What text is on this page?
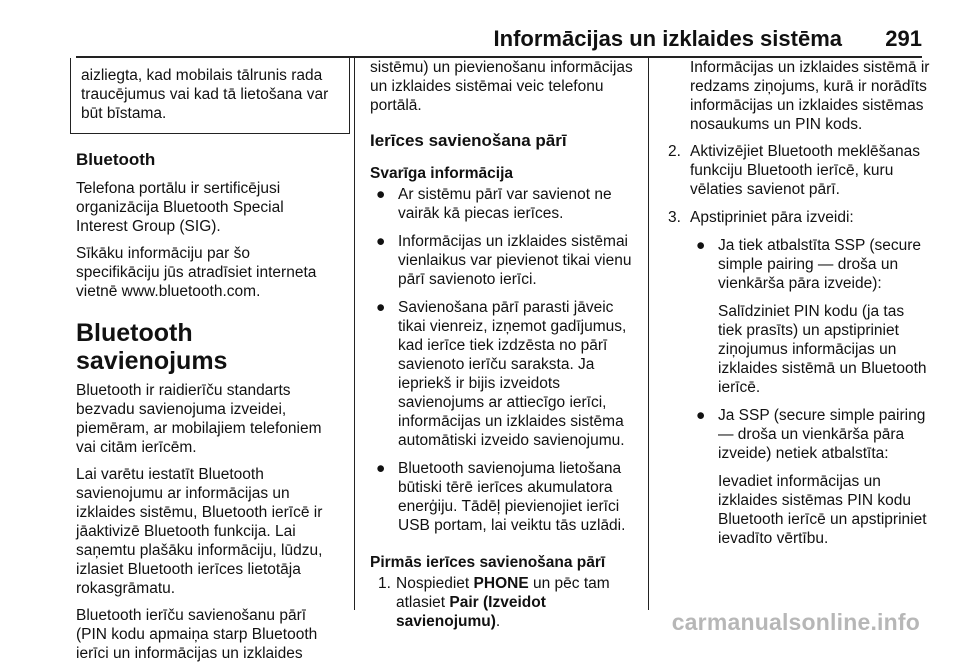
Informācijas un izklaides sistēma 291
aizliegta, kad mobilais tālrunis rada traucējumus vai kad tā lietošana var būt bīstama.
Bluetooth

Telefona portālu ir sertificējusi organizācija Bluetooth Special Interest Group (SIG).

Sīkāku informāciju par šo specifikāciju jūs atradīsiet interneta vietnē www.bluetooth.com.

Bluetooth savienojums

Bluetooth ir raidierīču standarts bezvadu savienojuma izveidei, piemēram, ar mobilajiem telefoniem vai citām ierīcēm.

Lai varētu iestatīt Bluetooth savienojumu ar informācijas un izklaides sistēmu, Bluetooth ierīcē ir jāaktivizē Bluetooth funkcija. Lai saņemtu plašāku informāciju, lūdzu, izlasiet Bluetooth ierīces lietotāja rokasgrāmatu.

Bluetooth ierīču savienošanu pārī (PIN kodu apmaiņa starp Bluetooth ierīci un informācijas un izklaides

sistēmu) un pievienošanu informācijas un izklaides sistēmai veic telefonu portālā.

Ierīces savienošana pārī
Svarīga informācija
● Ar sistēmu pārī var savienot ne vairāk kā piecas ierīces.
● Informācijas un izklaides sistēmai vienlaikus var pievienot tikai vienu pārī savienoto ierīci.
● Savienošana pārī parasti jāveic tikai vienreiz, izņemot gadījumus, kad ierīce tiek izdzēsta no pārī savienoto ierīču saraksta. Ja iepriekš ir bijis izveidots savienojums ar attiecīgo ierīci, informācijas un izklaides sistēma automātiski izveido savienojumu.
● Bluetooth savienojuma lietošana būtiski tērē ierīces akumulatora enerģiju. Tādēļ pievienojiet ierīci USB portam, lai veiktu tās uzlādi.
Pirmās ierīces savienošana pārī
1. Nospiediet PHONE un pēc tam atlasiet Pair (Izveidot savienojumu).

Informācijas un izklaides sistēmā ir redzams ziņojums, kurā ir norādīts informācijas un izklaides sistēmas nosaukums un PIN kods.

2. Aktivizējiet Bluetooth meklēšanas funkciju Bluetooth ierīcē, kuru vēlaties savienot pārī.
3. Apstipriniet pāra izveidi:
● Ja tiek atbalstīta SSP (secure simple pairing — droša un vienkārša pāra izveide):

Salīdziniet PIN kodu (ja tas tiek prasīts) un apstipriniet ziņojumus informācijas un izklaides sistēmā un Bluetooth ierīcē.

● Ja SSP (secure simple pairing — droša un vienkārša pāra izveide) netiek atbalstīta:

Ievadiet informācijas un izklaides sistēmas PIN kodu Bluetooth ierīcē un apstipriniet ievadīto vērtību.

carmanualsonline.info
